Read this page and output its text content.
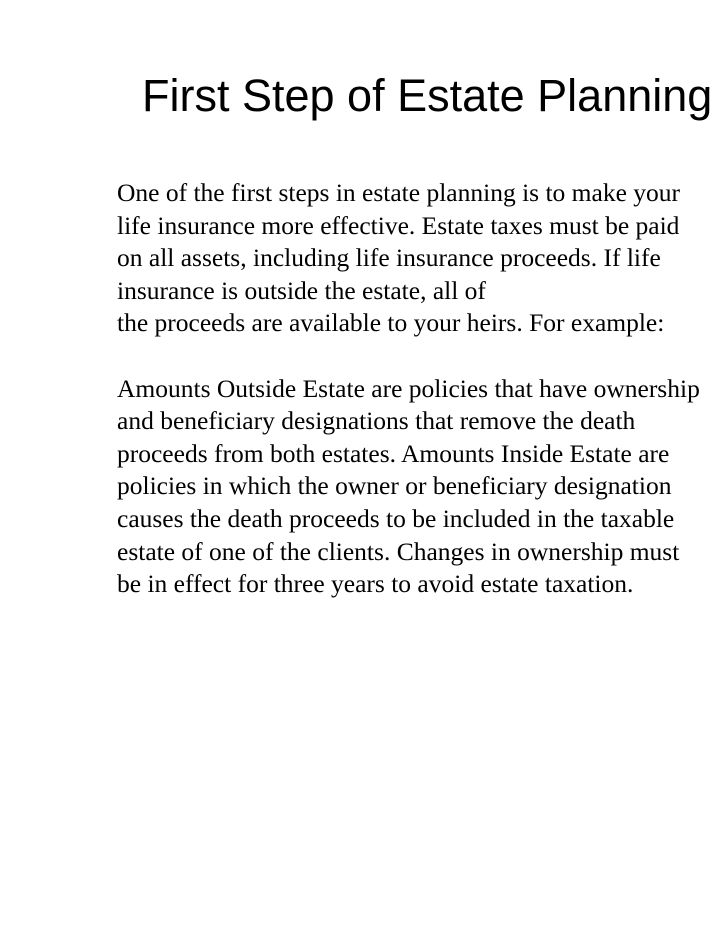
First Step of Estate Planning
One of the first steps in estate planning is to make your
life insurance more effective. Estate taxes must be paid
on all assets, including life insurance proceeds. If life
insurance is outside the estate, all of
the proceeds are available to your heirs. For example:
Amounts Outside Estate are policies that have ownership
and beneficiary designations that remove the death
proceeds from both estates. Amounts Inside Estate are
policies in which the owner or beneficiary designation
causes the death proceeds to be included in the taxable
estate of one of the clients. Changes in ownership must
be in effect for three years to avoid estate taxation.
